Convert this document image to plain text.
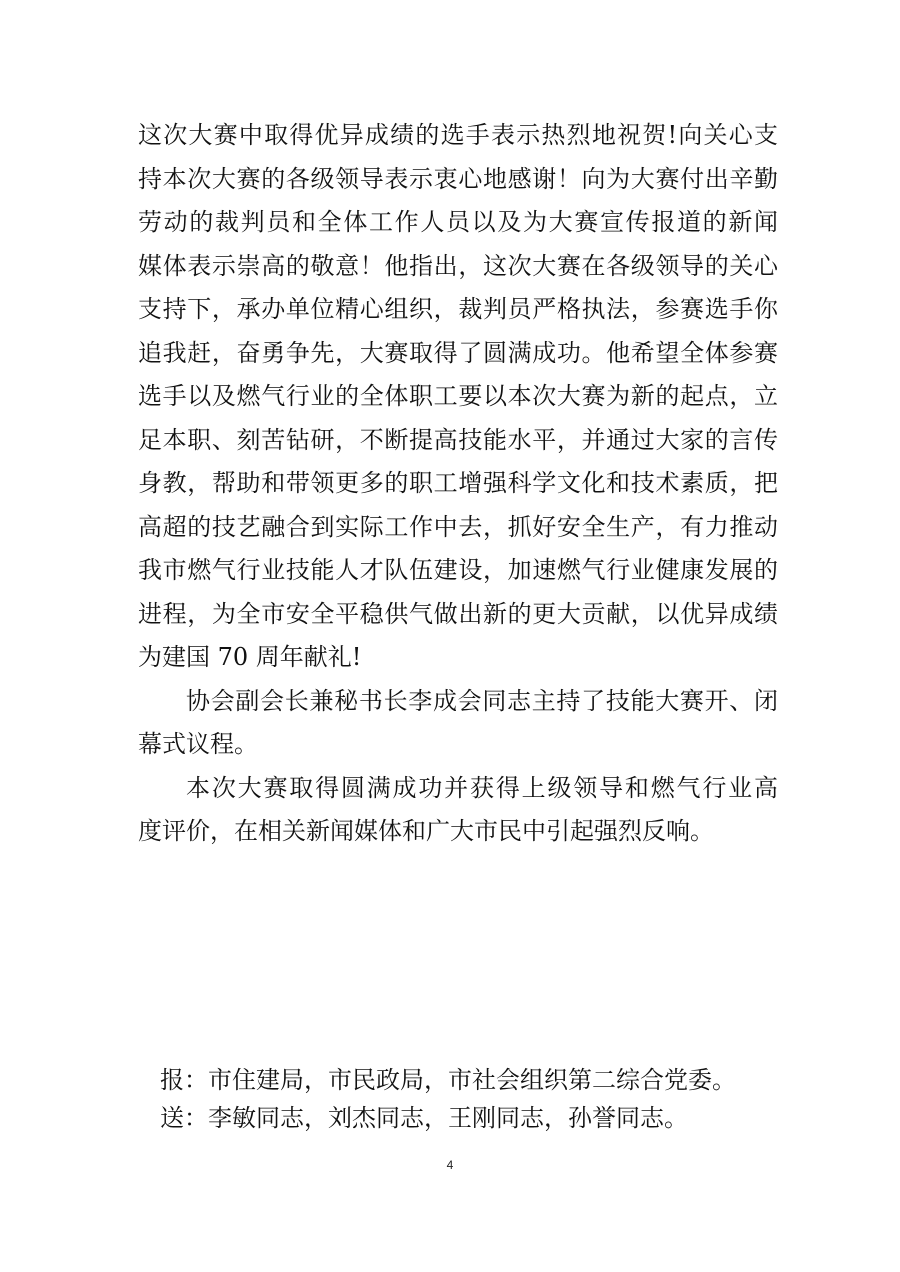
这次大赛中取得优异成绩的选手表示热烈地祝贺!向关心支
持本次大赛的各级领导表示衷心地感谢！向为大赛付出辛勤
劳动的裁判员和全体工作人员以及为大赛宣传报道的新闻
媒体表示崇高的敬意！他指出，这次大赛在各级领导的关心
支持下，承办单位精心组织，裁判员严格执法，参赛选手你
追我赶，奋勇争先，大赛取得了圆满成功。他希望全体参赛
选手以及燃气行业的全体职工要以本次大赛为新的起点，立
足本职、刻苦钻研，不断提高技能水平，并通过大家的言传
身教，帮助和带领更多的职工增强科学文化和技术素质，把
高超的技艺融合到实际工作中去，抓好安全生产，有力推动
我市燃气行业技能人才队伍建设，加速燃气行业健康发展的
进程，为全市安全平稳供气做出新的更大贡献，以优异成绩
为建国 70 周年献礼!
协会副会长兼秘书长李成会同志主持了技能大赛开、闭
幕式议程。
本次大赛取得圆满成功并获得上级领导和燃气行业高
度评价，在相关新闻媒体和广大市民中引起强烈反响。
报：市住建局，市民政局，市社会组织第二综合党委。
送：李敏同志，刘杰同志，王刚同志，孙誉同志。
4
